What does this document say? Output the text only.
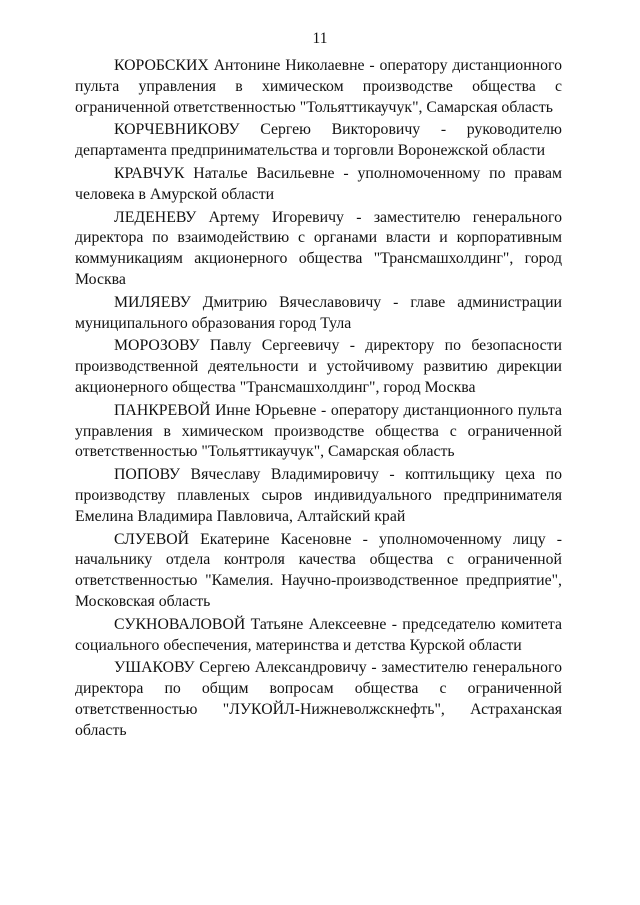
11

КОРОБСКИХ Антонине Николаевне - оператору дистанционного пульта управления в химическом производстве общества с ограниченной ответственностью "Тольяттикаучук", Самарская область

КОРЧЕВНИКОВУ Сергею Викторовичу - руководителю департамента предпринимательства и торговли Воронежской области

КРАВЧУК Наталье Васильевне - уполномоченному по правам человека в Амурской области

ЛЕДЕНЕВУ Артему Игоревичу - заместителю генерального директора по взаимодействию с органами власти и корпоративным коммуникациям акционерного общества "Трансмашхолдинг", город Москва

МИЛЯЕВУ Дмитрию Вячеславовичу - главе администрации муниципального образования город Тула

МОРОЗОВУ Павлу Сергеевичу - директору по безопасности производственной деятельности и устойчивому развитию дирекции акционерного общества "Трансмашхолдинг", город Москва

ПАНКРЕВОЙ Инне Юрьевне - оператору дистанционного пульта управления в химическом производстве общества с ограниченной ответственностью "Тольяттикаучук", Самарская область

ПОПОВУ Вячеславу Владимировичу - коптильщику цеха по производству плавленых сыров индивидуального предпринимателя Емелина Владимира Павловича, Алтайский край

СЛУЕВОЙ Екатерине Касеновне - уполномоченному лицу - начальнику отдела контроля качества общества с ограниченной ответственностью "Камелия. Научно-производственное предприятие", Московская область

СУКНОВАЛОВОЙ Татьяне Алексеевне - председателю комитета социального обеспечения, материнства и детства Курской области

УШАКОВУ Сергею Александровичу - заместителю генерального директора по общим вопросам общества с ограниченной ответственностью "ЛУКОЙЛ-Нижневолжскнефть", Астраханская область
